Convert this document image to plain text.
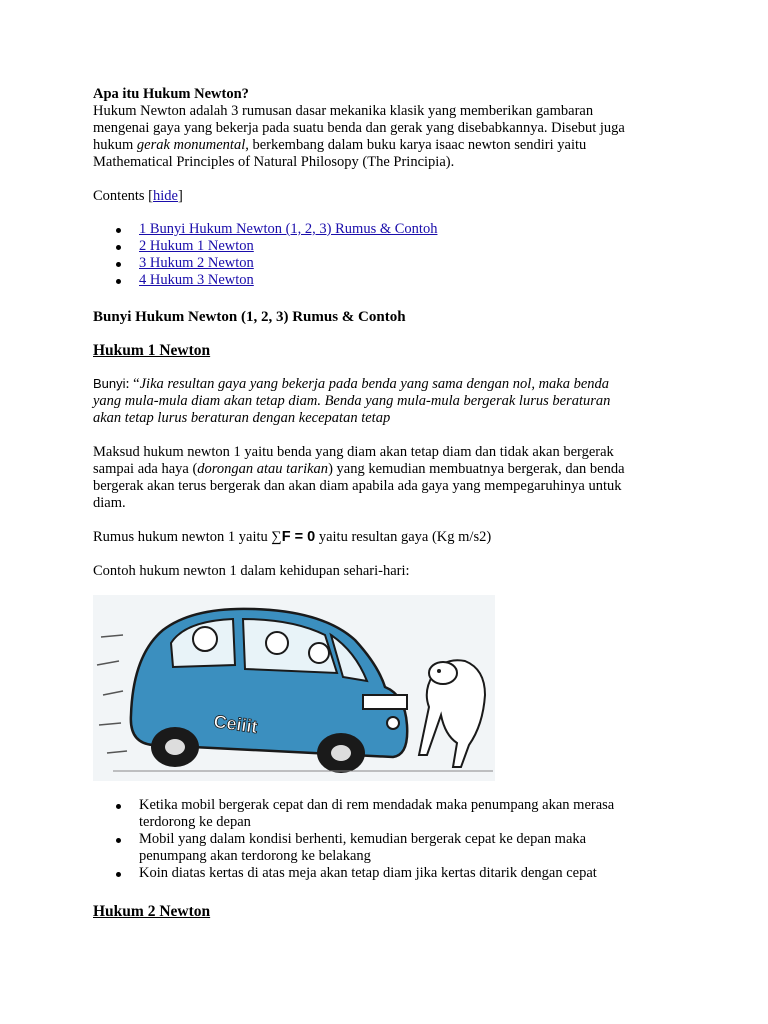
Apa itu Hukum Newton?

Hukum Newton adalah 3 rumusan dasar mekanika klasik yang memberikan gambaran

mengenai gaya yang bekerja pada suatu benda dan gerak yang disebabkannya. Disebut juga

hukum gerak monumental, berkembang dalam buku karya isaac newton sendiri yaitu

Mathematical Principles of Natural Philosopy (The Principia).

Contents [hide]

1 Bunyi Hukum Newton (1, 2, 3) Rumus & Contoh
2 Hukum 1 Newton
3 Hukum 2 Newton
4 Hukum 3 Newton
Bunyi Hukum Newton (1, 2, 3) Rumus & Contoh
Hukum 1 Newton

Bunyi: “Jika resultan gaya yang bekerja pada benda yang sama dengan nol, maka benda

yang mula-mula diam akan tetap diam. Benda yang mula-mula bergerak lurus beraturan

akan tetap lurus beraturan dengan kecepatan tetap

Maksud hukum newton 1 yaitu benda yang diam akan tetap diam dan tidak akan bergerak

sampai ada haya (dorongan atau tarikan) yang kemudian membuatnya bergerak, dan benda

bergerak akan terus bergerak dan akan diam apabila ada gaya yang mempegaruhinya untuk

diam.

Rumus hukum newton 1 yaitu ∑F = 0 yaitu resultan gaya (Kg m/s2)

Contoh hukum newton 1 dalam kehidupan sehari-hari:

Ceiiit
Ketika mobil bergerak cepat dan di rem mendadak maka penumpang akan merasa
terdorong ke depan
Mobil yang dalam kondisi berhenti, kemudian bergerak cepat ke depan maka
penumpang akan terdorong ke belakang
Koin diatas kertas di atas meja akan tetap diam jika kertas ditarik dengan cepat
Hukum 2 Newton
